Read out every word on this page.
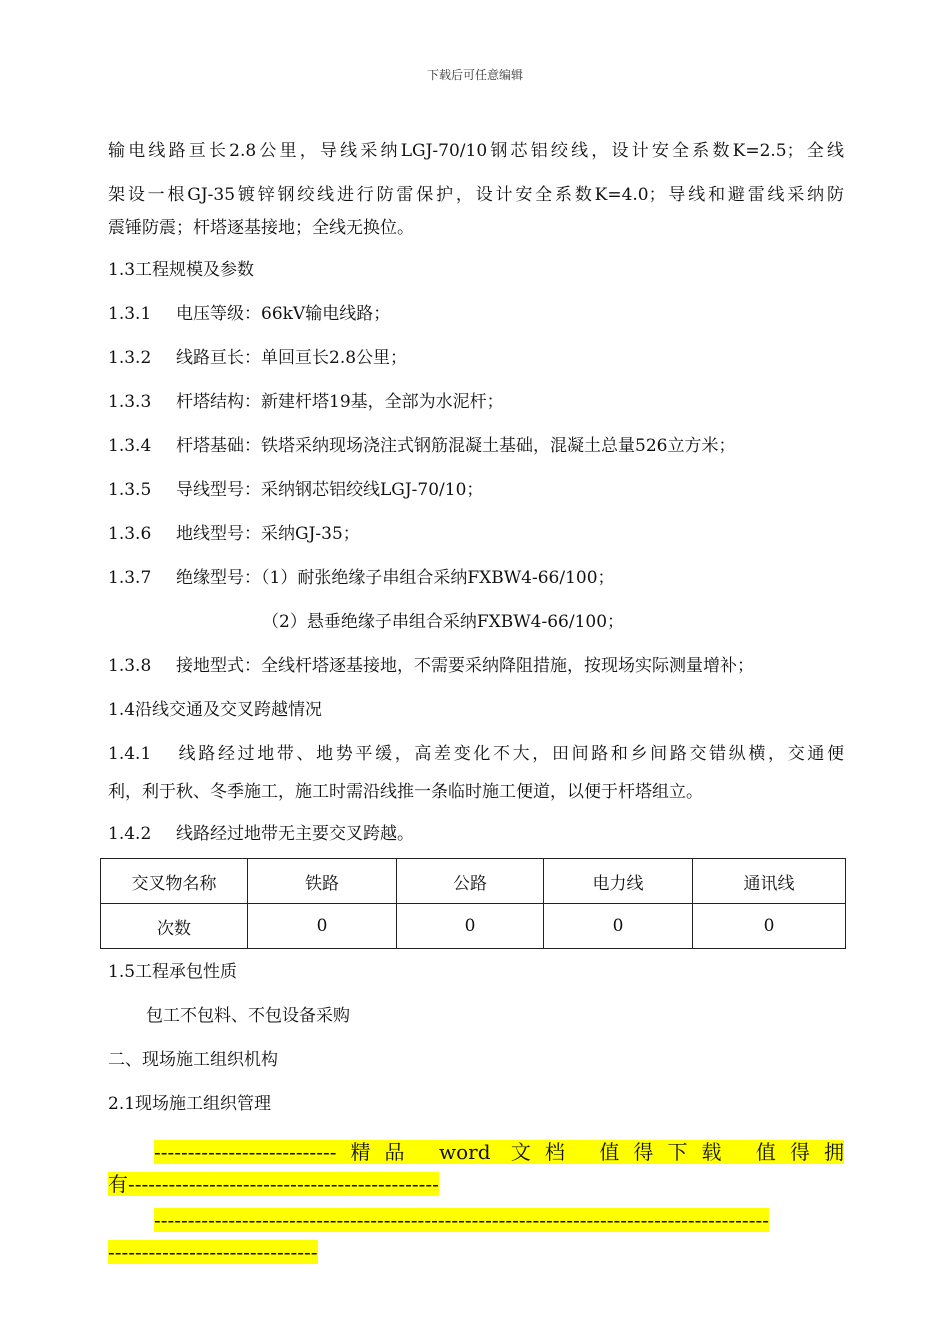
下载后可任意编辑
输电线路亘长2.8公里，导线采纳LGJ-70/10钢芯铝绞线，设计安全系数K=2.5；全线
架设一根GJ-35镀锌钢绞线进行防雷保护，设计安全系数K=4.0；导线和避雷线采纳防
震锤防震；杆塔逐基接地；全线无换位。
1.3工程规模及参数
1.3.1 电压等级：66kV输电线路；
1.3.2 线路亘长：单回亘长2.8公里；
1.3.3 杆塔结构：新建杆塔19基，全部为水泥杆；
1.3.4 杆塔基础：铁塔采纳现场浇注式钢筋混凝土基础，混凝土总量526立方米；
1.3.5 导线型号：采纳钢芯铝绞线LGJ-70/10；
1.3.6 地线型号：采纳GJ-35；
1.3.7 绝缘型号：（1）耐张绝缘子串组合采纳FXBW4-66/100；
（2）悬垂绝缘子串组合采纳FXBW4-66/100；
1.3.8 接地型式：全线杆塔逐基接地，不需要采纳降阻措施，按现场实际测量增补；
1.4沿线交通及交叉跨越情况
1.4.1 线路经过地带、地势平缓，高差变化不大，田间路和乡间路交错纵横，交通便
利，利于秋、冬季施工，施工时需沿线推一条临时施工便道，以便于杆塔组立。
1.4.2 线路经过地带无主要交叉跨越。
交叉物名称	铁路	公路	电力线	通讯线
次数	0	0	0	0
1.5工程承包性质
包工不包料、不包设备采购
二、现场施工组织机构
2.1现场施工组织管理
---------------------------精品 word 文档 值得下载 值得拥
有----------------------------------------------
-------------------------------------------------------------------------------------------
-------------------------------
